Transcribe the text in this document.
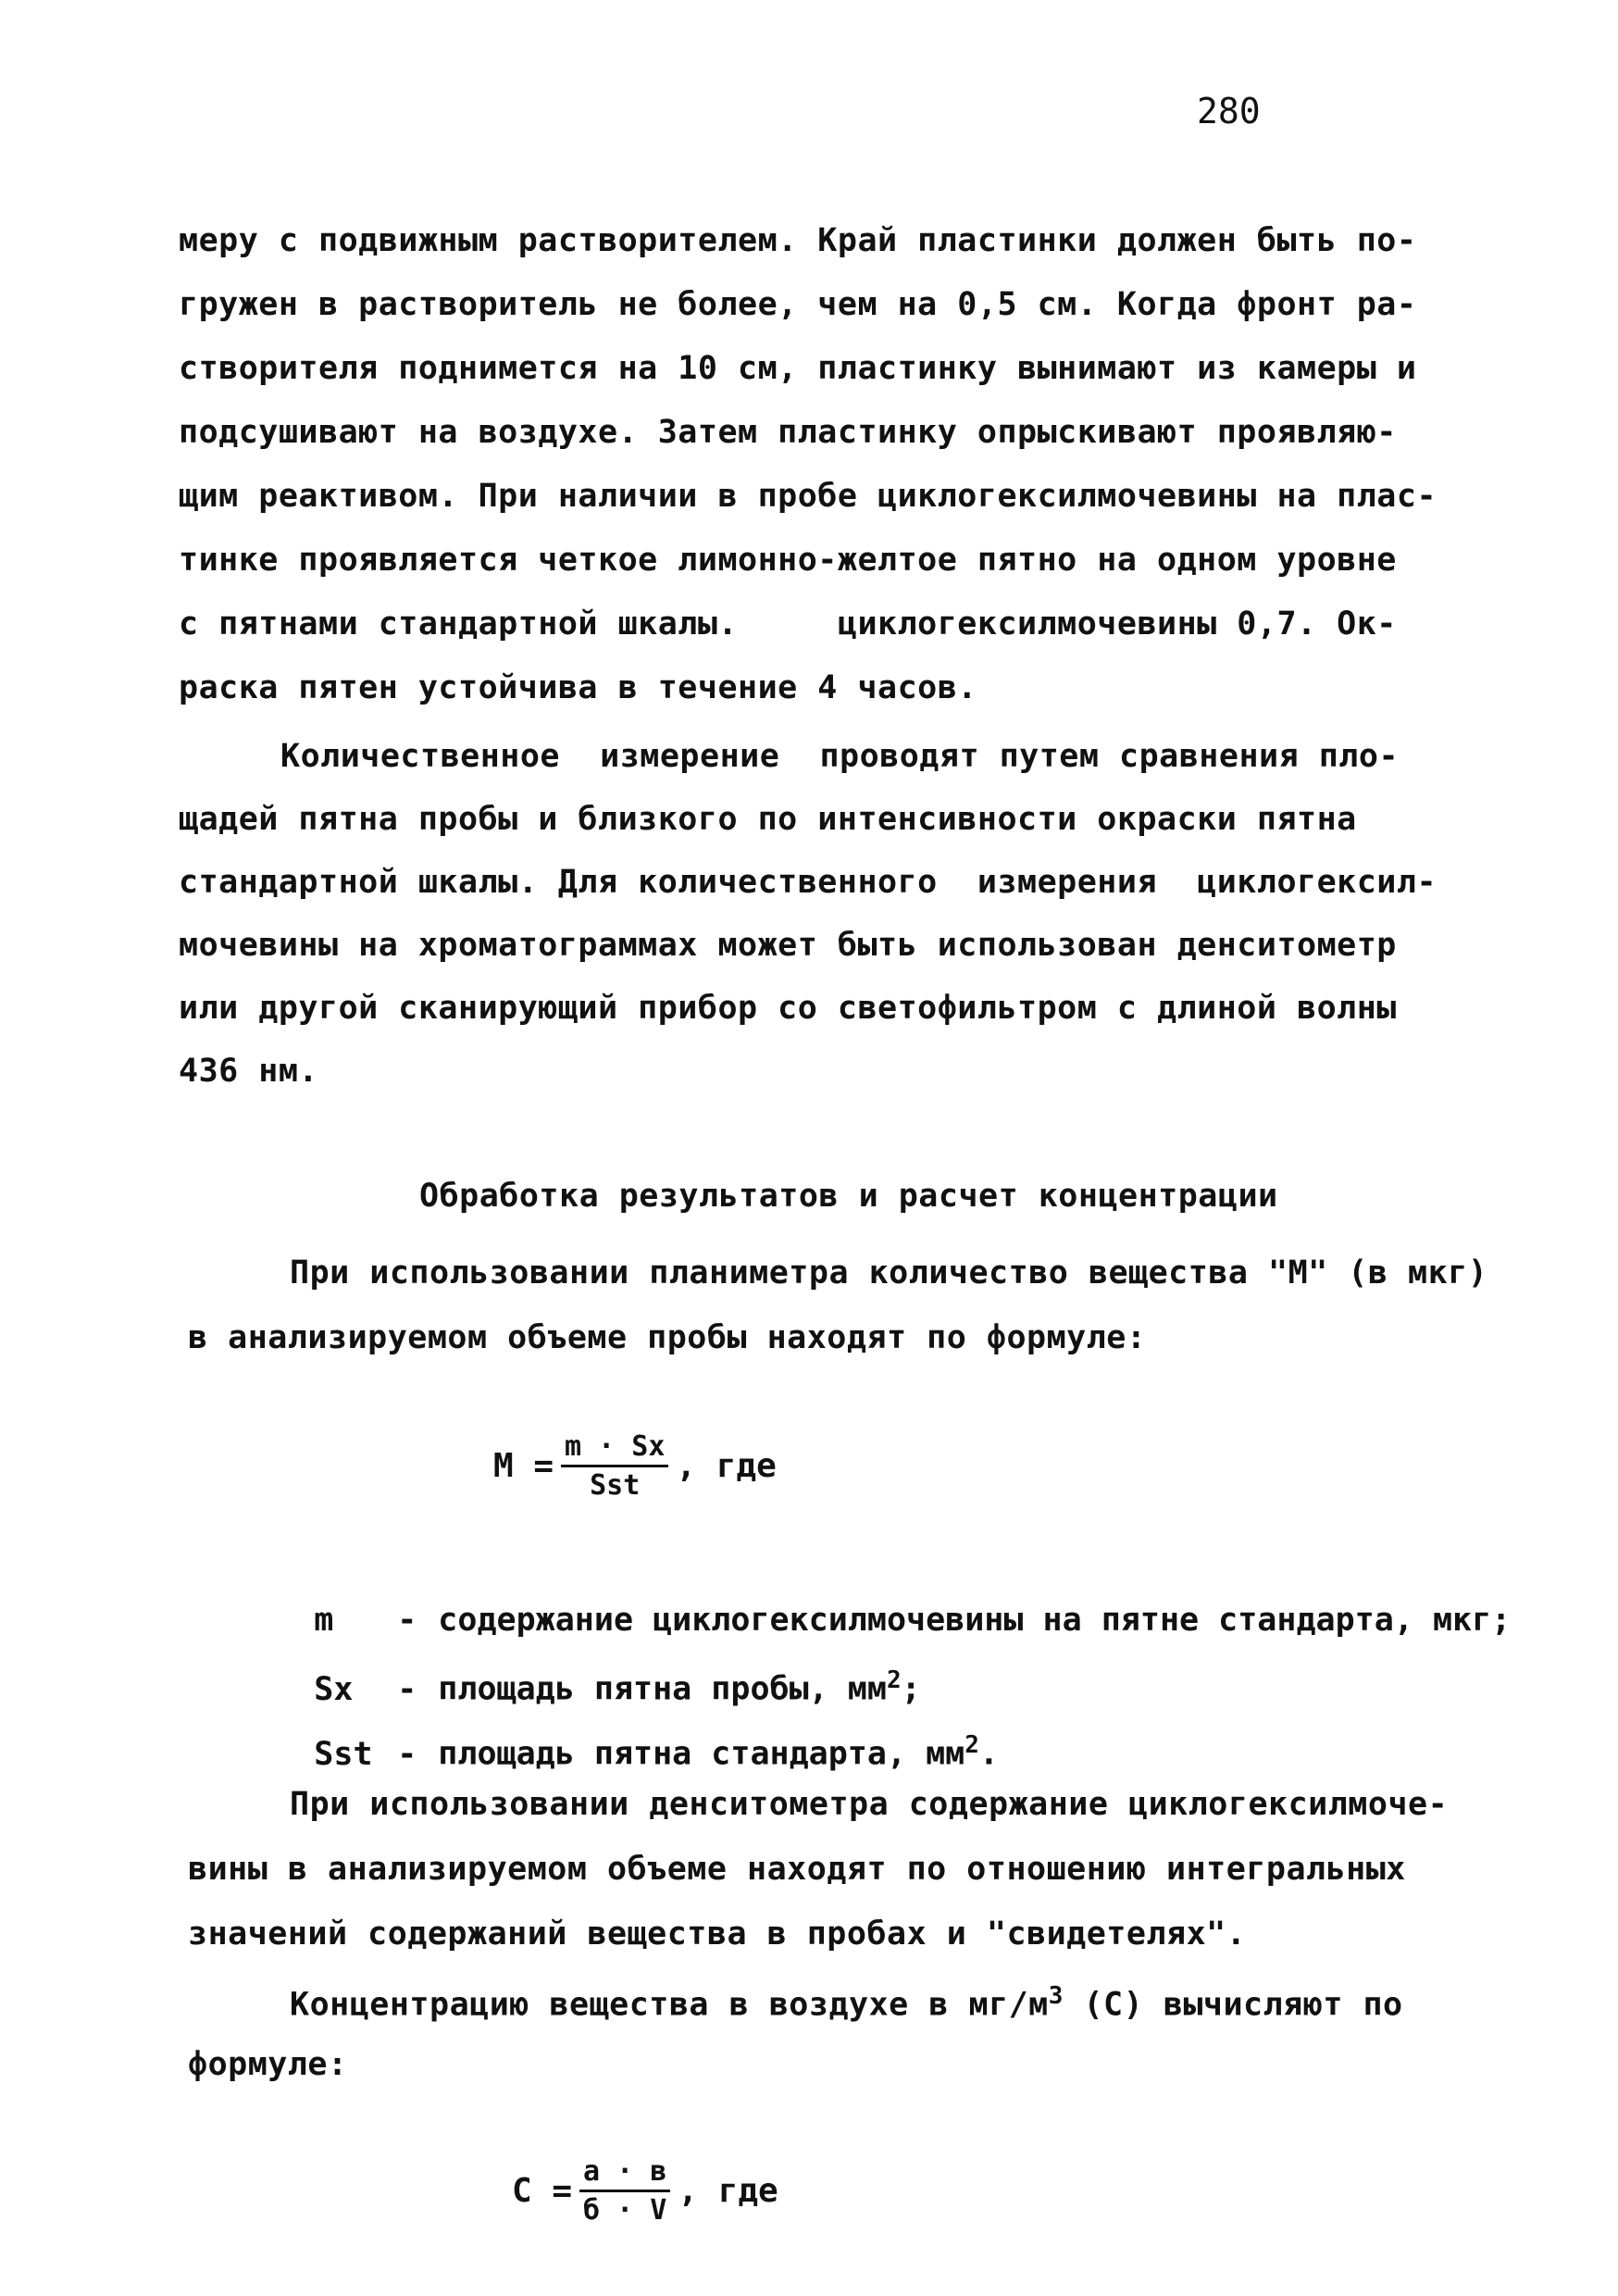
280
меру с подвижным растворителем. Край пластинки должен быть по-
гружен в растворитель не более, чем на 0,5 см. Когда фронт ра-
створителя поднимется на 10 см, пластинку вынимают из камеры и
подсушивают на воздухе. Затем пластинку опрыскивают проявляю-
щим реактивом. При наличии в пробе циклогексилмочевины на плас-
тинке проявляется четкое лимонно-желтое пятно на одном уровне
с пятнами стандартной шкалы.     циклогексилмочевины 0,7. Ок-
раска пятен устойчива в течение 4 часов.
Количественное  измерение  проводят путем сравнения пло-
щадей пятна пробы и близкого по интенсивности окраски пятна
стандартной шкалы. Для количественного  измерения  циклогексил-
мочевины на хроматограммах может быть использован денситометр
или другой сканирующий прибор со светофильтром с длиной волны
436 нм.
Обработка результатов и расчет концентрации
При использовании планиметра количество вещества "M" (в мкг)
в анализируемом объеме пробы находят по формуле:
$M = \frac{m \cdot Sx}{\text{Sst}}$ , где

m - содержание циклогексилмочевины на пятне стандарта, мкг;

Sx - площадь пятна пробы, $мм^2$;

Sst - площадь пятна стандарта, $мм^2$.

При использовании денситометра содержание циклогексилмоче-
вины в анализируемом объеме находят по отношению интегральных
значений содержаний вещества в пробах и "свидетелях".
Концентрацию вещества в воздухе в $мг/м^3$ (С) вычисляют по
формуле:
$С = \frac{a \cdot в}{б \cdot V}$ , где
